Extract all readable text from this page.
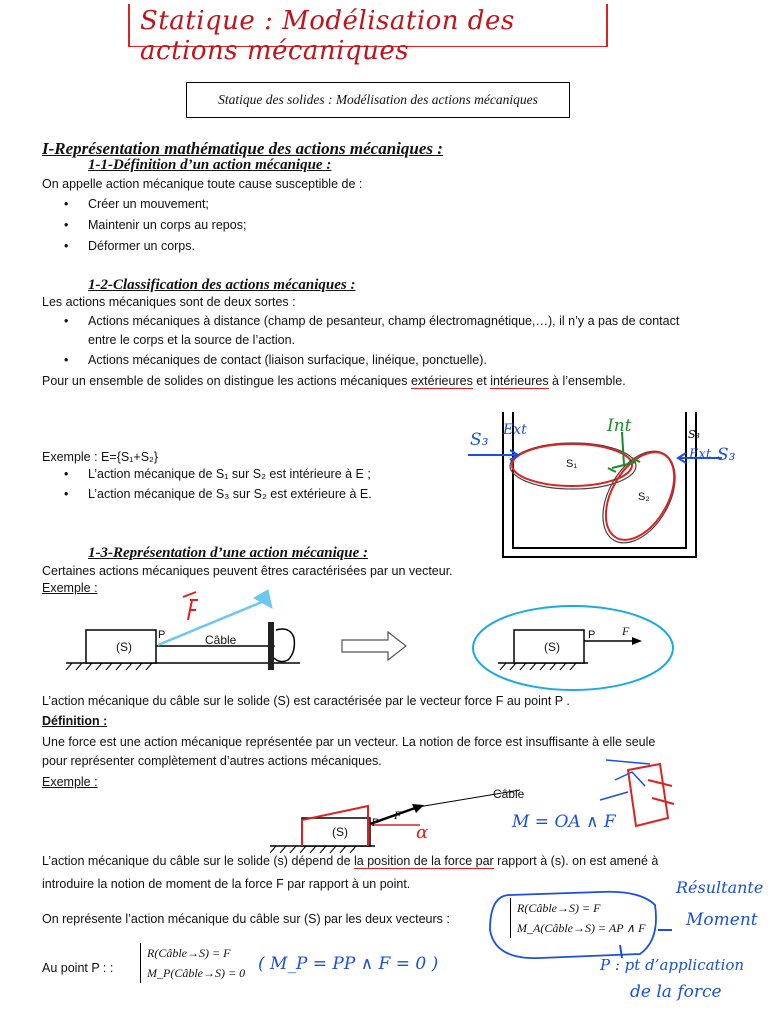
Statique : Modélisation des actions mécaniques
Statique des solides : Modélisation des actions mécaniques
I-Représentation mathématique des actions mécaniques :
1-1-Définition d’un action mécanique :
On appelle action mécanique toute cause susceptible de :
• Créer un mouvement;
• Maintenir un corps au repos;
• Déformer un corps.
1-2-Classification des actions mécaniques :
Les actions mécaniques sont de deux sortes :
• Actions mécaniques à distance (champ de pesanteur, champ électromagnétique,…), il n’y a pas de contact
entre le corps et la source de l’action.
• Actions mécaniques de contact (liaison surfacique, linéique, ponctuelle).
Pour un ensemble de solides on distingue les actions mécaniques extérieures et intérieures à l’ensemble.
Exemple : E={S₁+S₂}
• L’action mécanique de S₁ sur S₂ est intérieure à E ;
• L’action mécanique de S₃ sur S₂ est extérieure à E.
S₃
S₁
S₂
S₃ Ext	Int
Ext S₃
1-3-Représentation d’une action mécanique :
Certaines actions mécaniques peuvent êtres caractérisées par un vecteur.
Exemple :
(S)
P	Câble	(S)
P F
L’action mécanique du câble sur le solide (S) est caractérisée par le vecteur force F au point P .
Définition :
Une force est une action mécanique représentée par un vecteur. La notion de force est insuffisante à elle seule
pour représenter complètement d’autres actions mécaniques.
Exemple :
Câble
(S)
P
F
α	M = OA ∧ F
L’action mécanique du câble sur le solide (s) dépend de la position de la force par rapport à (s). on est amené à
introduire la notion de moment de la force F par rapport à un point.
On représente l’action mécanique du câble sur (S) par les deux vecteurs :
R(Câble→S) = F
M_A(Câble→S) = AP ∧ F
Résultante
Moment
P : pt d’application
de la force
Au point P : :
R(Câble→S) = F
M_P(Câble→S) = 0 ( M_P = PP ∧ F = 0 )
